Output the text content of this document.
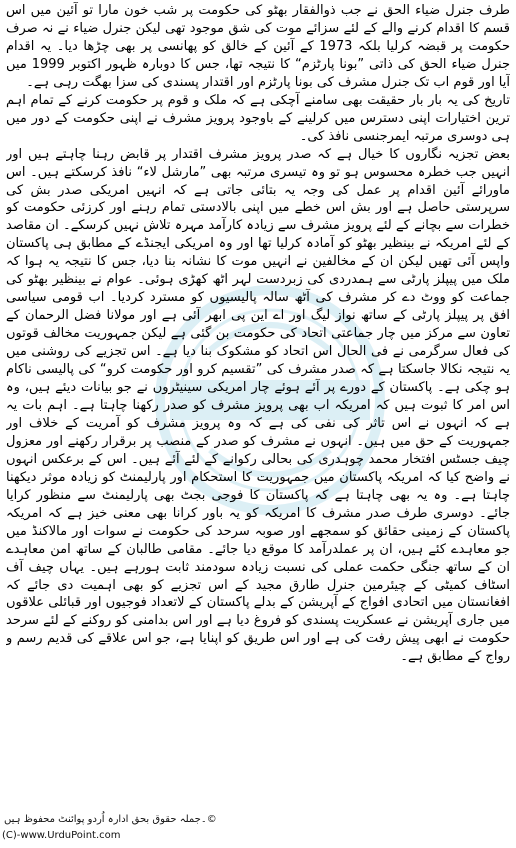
طرف جنرل ضیاء الحق نے جب ذوالفقار بھٹو کی حکومت پر شب خون مارا تو آئین میں اس قسم کا اقدام کرنے والے کے لئے سزائے موت کی شق موجود تھی لیکن جنرل ضیاء نے نہ صرف حکومت پر قبضہ کرلیا بلکہ 1973 کے آئین کے خالق کو پھانسی پر بھی چڑھا دیا۔ یہ اقدام جنرل ضیاء الحق کی ذاتی ”بونا پارٹزم“ کا نتیجہ تھا، جس کا دوبارہ ظہور اکتوبر 1999 میں آیا اور قوم اب تک جنرل مشرف کی بونا پارٹزم اور اقتدار پسندی کی سزا بھگت رہی ہے۔

تاریخ کی یہ بار بار حقیقت بھی سامنے آچکی ہے کہ ملک و قوم پر حکومت کرنے کے تمام اہم ترین اختیارات اپنی دسترس میں کرلینے کے باوجود پرویز مشرف نے اپنی حکومت کے دور میں ہی دوسری مرتبہ ایمرجنسی نافذ کی۔

بعض تجزیہ نگاروں کا خیال ہے کہ صدر پرویز مشرف اقتدار پر قابض رہنا چاہتے ہیں اور انہیں جب خطرہ محسوس ہو تو وہ تیسری مرتبہ بھی ”مارشل لاء“ نافذ کرسکتے ہیں۔ اس ماورائے آئین اقدام پر عمل کی وجہ یہ بتائی جاتی ہے کہ انہیں امریکی صدر بش کی سرپرستی حاصل ہے اور بش اس خطے میں اپنی بالادستی تمام رہنے اور کرزئی حکومت کو خطرات سے بچانے کے لئے پرویز مشرف سے زیادہ کارآمد مہرہ تلاش نہیں کرسکے۔ ان مقاصد کے لئے امریکہ نے بینظیر بھٹو کو آمادہ کرلیا تھا اور وہ امریکی ایجنڈے کے مطابق ہی پاکستان واپس آئی تھیں لیکن ان کے مخالفین نے انہیں موت کا نشانہ بنا دیا، جس کا نتیجہ یہ ہوا کہ ملک میں پیپلز پارٹی سے ہمدردی کی زبردست لہر اٹھ کھڑی ہوئی۔ عوام نے بینظیر بھٹو کی جماعت کو ووٹ دے کر مشرف کی آٹھ سالہ پالیسیوں کو مسترد کردیا۔ اب قومی سیاسی افق پر پیپلز پارٹی کے ساتھ نواز لیگ اور اے این پی ابھر آئی ہے اور مولانا فضل الرحمان کے تعاون سے مرکز میں چار جماعتی اتحاد کی حکومت بن گئی ہے لیکن جمہوریت مخالف قوتوں کی فعال سرگرمی نے فی الحال اس اتحاد کو مشکوک بنا دیا ہے۔ اس تجزیے کی روشنی میں یہ نتیجہ نکالا جاسکتا ہے کہ صدر مشرف کی ”تقسیم کرو اور حکومت کرو“ کی پالیسی ناکام ہو چکی ہے۔ پاکستان کے دورے پر آئے ہوئے چار امریکی سینیٹروں نے جو بیانات دیئے ہیں، وہ اس امر کا ثبوت ہیں کہ امریکہ اب بھی پرویز مشرف کو صدر رکھنا چاہتا ہے۔ اہم بات یہ ہے کہ انہوں نے اس تاثر کی نفی کی ہے کہ وہ پرویز مشرف کو آمریت کے خلاف اور جمہوریت کے حق میں ہیں۔ انہوں نے مشرف کو صدر کے منصب پر برقرار رکھنے اور معزول چیف جسٹس افتخار محمد چوہدری کی بحالی رکوانے کے لئے آئے ہیں۔ اس کے برعکس انہوں نے واضح کیا کہ امریکہ پاکستان میں جمہوریت کا استحکام اور پارلیمنٹ کو زیادہ موثر دیکھنا چاہتا ہے۔ وہ یہ بھی چاہتا ہے کہ پاکستان کا فوجی بجٹ بھی پارلیمنٹ سے منظور کرایا جائے۔ دوسری طرف صدر مشرف کا امریکہ کو یہ باور کرانا بھی معنی خیز ہے کہ امریکہ پاکستان کے زمینی حقائق کو سمجھے اور صوبہ سرحد کی حکومت نے سوات اور مالاکنڈ میں جو معاہدے کئے ہیں، ان پر عملدرآمد کا موقع دیا جائے۔ مقامی طالبان کے ساتھ امن معاہدے ان کے ساتھ جنگی حکمت عملی کی نسبت زیادہ سودمند ثابت ہورہے ہیں۔ یہاں چیف آف اسٹاف کمیٹی کے چیئرمین جنرل طارق مجید کے اس تجزیے کو بھی اہمیت دی جائے کہ افغانستان میں اتحادی افواج کے آپریشن کے بدلے پاکستان کے لاتعداد فوجیوں اور قبائلی علاقوں میں جاری آپریشن نے عسکریت پسندی کو فروغ دیا ہے اور اس بدامنی کو روکنے کے لئے سرحد حکومت نے ابھی پیش رفت کی ہے اور اس طریق کو اپنایا ہے، جو اس علاقے کی قدیم رسم و رواج کے مطابق ہے۔

©۔جملہ حقوق بحق ادارہ اُردو پوائنٹ محفوظ ہیں
(C)-www.UrduPoint.com
